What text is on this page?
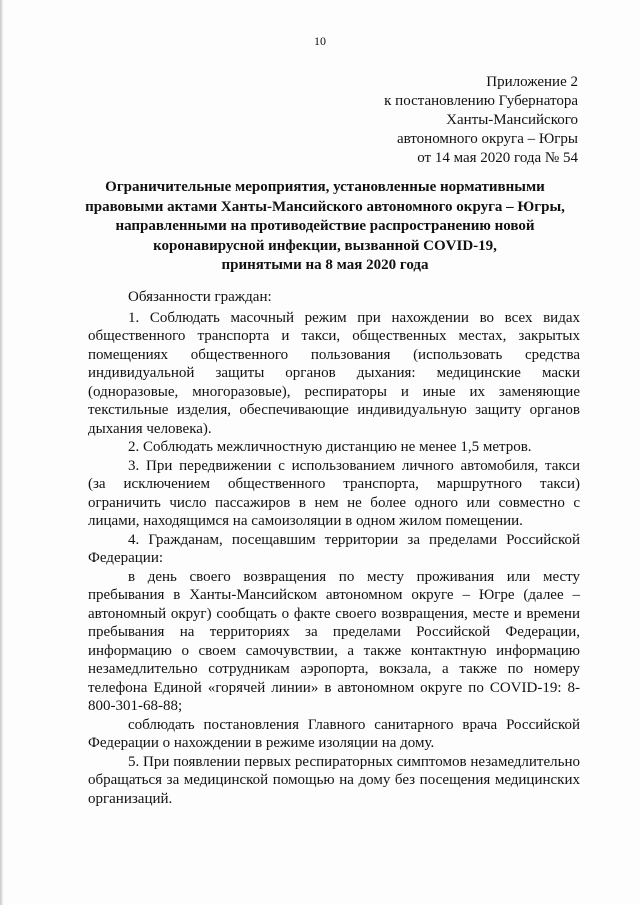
10
Приложение 2
к постановлению Губернатора
Ханты-Мансийского
автономного округа – Югры
от 14 мая 2020 года № 54
Ограничительные мероприятия, установленные нормативными
правовыми актами Ханты-Мансийского автономного округа – Югры,
направленными на противодействие распространению новой
коронавирусной инфекции, вызванной COVID-19,
принятыми на 8 мая 2020 года

Обязанности граждан:

1. Соблюдать масочный режим при нахождении во всех видах общественного транспорта и такси, общественных местах, закрытых помещениях общественного пользования (использовать средства индивидуальной защиты органов дыхания: медицинские маски (одноразовые, многоразовые), респираторы и иные их заменяющие текстильные изделия, обеспечивающие индивидуальную защиту органов дыхания человека).

2. Соблюдать межличностную дистанцию не менее 1,5 метров.

3. При передвижении с использованием личного автомобиля, такси (за исключением общественного транспорта, маршрутного такси) ограничить число пассажиров в нем не более одного или совместно с лицами, находящимся на самоизоляции в одном жилом помещении.

4. Гражданам, посещавшим территории за пределами Российской Федерации:

в день своего возвращения по месту проживания или месту пребывания в Ханты-Мансийском автономном округе – Югре (далее – автономный округ) сообщать о факте своего возвращения, месте и времени пребывания на территориях за пределами Российской Федерации, информацию о своем самочувствии, а также контактную информацию незамедлительно сотрудникам аэропорта, вокзала, а также по номеру телефона Единой «горячей линии» в автономном округе по COVID-19: 8-800-301-68-88;

соблюдать постановления Главного санитарного врача Российской Федерации о нахождении в режиме изоляции на дому.

5. При появлении первых респираторных симптомов незамедлительно обращаться за медицинской помощью на дому без посещения медицинских организаций.
